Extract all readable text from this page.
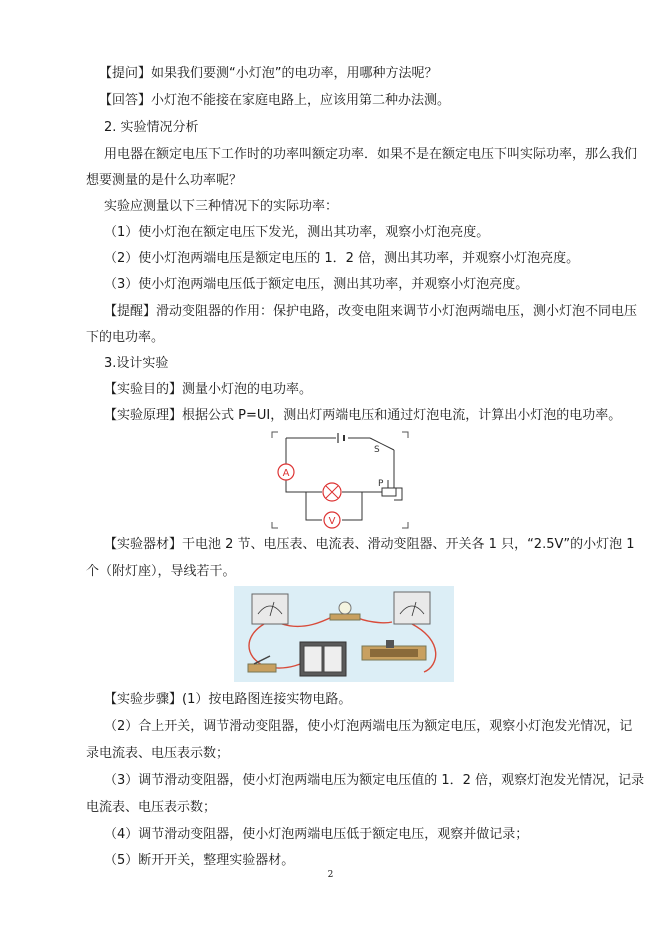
【提问】如果我们要测“小灯泡”的电功率，用哪种方法呢？
【回答】小灯泡不能接在家庭电路上，应该用第二种办法测。
2. 实验情况分析
用电器在额定电压下工作时的功率叫额定功率．如果不是在额定电压下叫实际功率，那么我们
想要测量的是什么功率呢？
实验应测量以下三种情况下的实际功率：
（1）使小灯泡在额定电压下发光，测出其功率，观察小灯泡亮度。
（2）使小灯泡两端电压是额定电压的 1．2 倍，测出其功率，并观察小灯泡亮度。
（3）使小灯泡两端电压低于额定电压，测出其功率，并观察小灯泡亮度。
【提醒】滑动变阻器的作用：保护电路，改变电阻来调节小灯泡两端电压，测小灯泡不同电压
下的电功率。
3.设计实验
【实验目的】测量小灯泡的电功率。
【实验原理】根据公式 P=UI，测出灯两端电压和通过灯泡电流，计算出小灯泡的电功率。
A
V
S
P
【实验器材】干电池 2 节、电压表、电流表、滑动变阻器、开关各 1 只，“2.5V”的小灯泡 1
个（附灯座），导线若干。
【实验步骤】(1）按电路图连接实物电路。
（2）合上开关，调节滑动变阻器，使小灯泡两端电压为额定电压，观察小灯泡发光情况，记
录电流表、电压表示数；
（3）调节滑动变阻器，使小灯泡两端电压为额定电压值的 1．2 倍，观察灯泡发光情况，记录
电流表、电压表示数；
（4）调节滑动变阻器，使小灯泡两端电压低于额定电压，观察并做记录；
（5）断开开关，整理实验器材。
2
